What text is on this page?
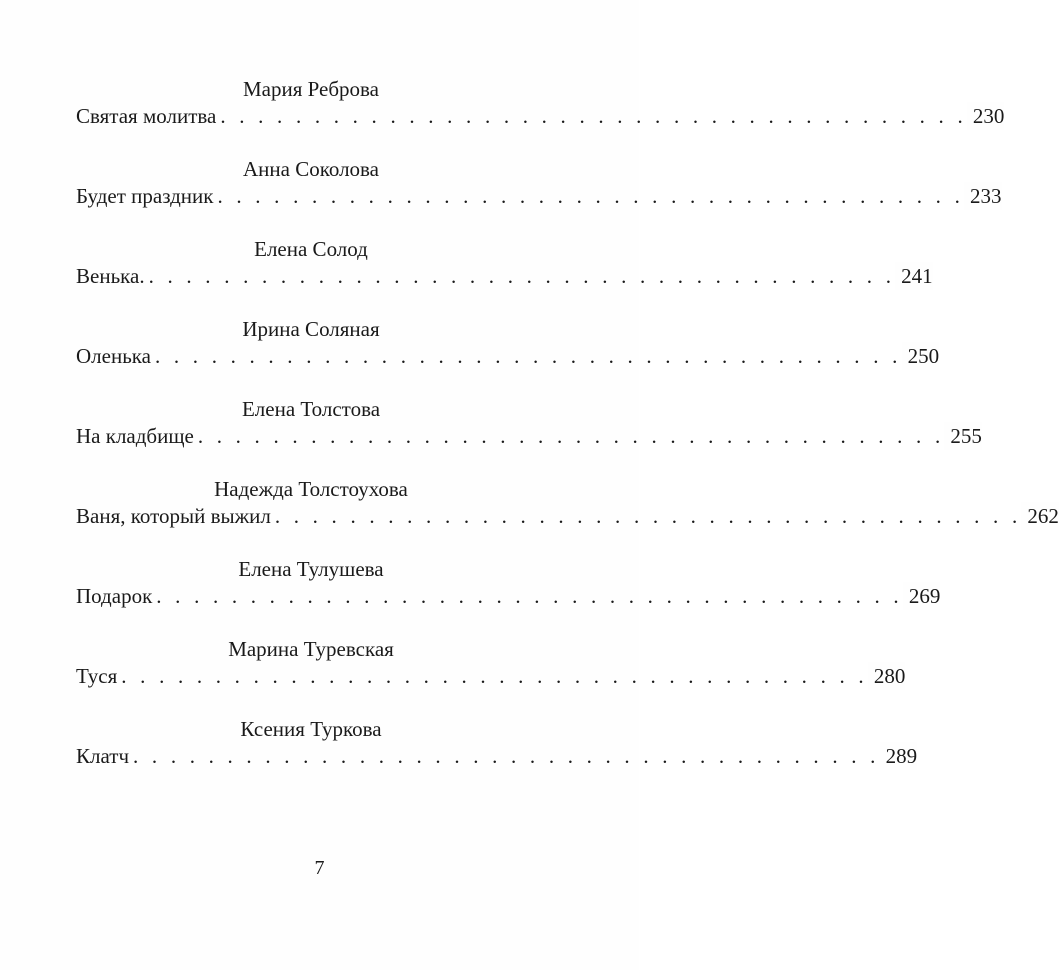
Мария Реброва
Святая молитва . . . . . . . . . . . . . . . . . . . . . . . . . . . . . . . . . . . . . . . . 230
Анна Соколова
Будет праздник . . . . . . . . . . . . . . . . . . . . . . . . . . . . . . . . . . . . . . . . 233
Елена Солод
Венька. . . . . . . . . . . . . . . . . . . . . . . . . . . . . . . . . . . . . . . . . 241
Ирина Соляная
Оленька . . . . . . . . . . . . . . . . . . . . . . . . . . . . . . . . . . . . . . . . 250
Елена Толстова
На кладбище . . . . . . . . . . . . . . . . . . . . . . . . . . . . . . . . . . . . . . . . 255
Надежда Толстоухова
Ваня, который выжил . . . . . . . . . . . . . . . . . . . . . . . . . . . . . . . . . . . . . . . . 262
Елена Тулушева
Подарок . . . . . . . . . . . . . . . . . . . . . . . . . . . . . . . . . . . . . . . . 269
Марина Туревская
Туся . . . . . . . . . . . . . . . . . . . . . . . . . . . . . . . . . . . . . . . . 280
Ксения Туркова
Клатч . . . . . . . . . . . . . . . . . . . . . . . . . . . . . . . . . . . . . . . . 289
7
